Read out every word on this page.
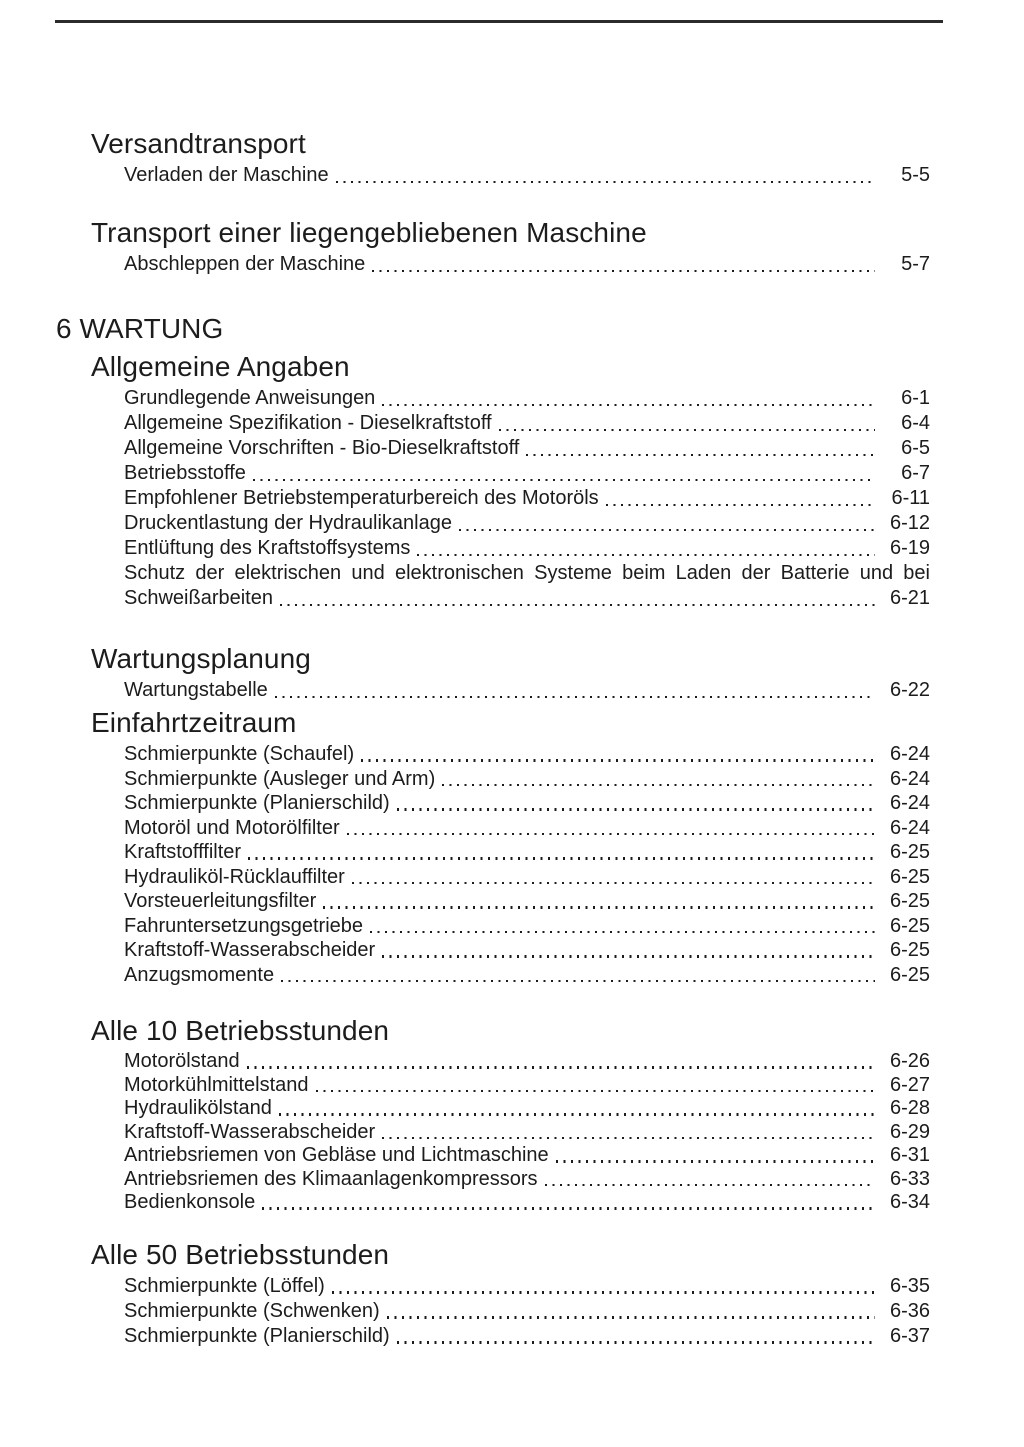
Versandtransport
Verladen der Maschine	5-5
Transport einer liegengebliebenen Maschine
Abschleppen der Maschine	5-7
6 WARTUNG
Allgemeine Angaben
Grundlegende Anweisungen	6-1
Allgemeine Spezifikation - Dieselkraftstoff	6-4
Allgemeine Vorschriften - Bio-Dieselkraftstoff	6-5
Betriebsstoffe	6-7
Empfohlener Betriebstemperaturbereich des Motoröls	6-11
Druckentlastung der Hydraulikanlage	6-12
Entlüftung des Kraftstoffsystems	6-19
Schutz der elektrischen und elektronischen Systeme beim Laden der Batterie und bei
Schweißarbeiten	6-21
Wartungsplanung
Wartungstabelle	6-22
Einfahrtzeitraum
Schmierpunkte (Schaufel)	6-24
Schmierpunkte (Ausleger und Arm)	6-24
Schmierpunkte (Planierschild)	6-24
Motoröl und Motorölfilter	6-24
Kraftstofffilter	6-25
Hydrauliköl-Rücklauffilter	6-25
Vorsteuerleitungsfilter	6-25
Fahruntersetzungsgetriebe	6-25
Kraftstoff-Wasserabscheider	6-25
Anzugsmomente	6-25
Alle 10 Betriebsstunden
Motorölstand	6-26
Motorkühlmittelstand	6-27
Hydraulikölstand	6-28
Kraftstoff-Wasserabscheider	6-29
Antriebsriemen von Gebläse und Lichtmaschine	6-31
Antriebsriemen des Klimaanlagenkompressors	6-33
Bedienkonsole	6-34
Alle 50 Betriebsstunden
Schmierpunkte (Löffel)	6-35
Schmierpunkte (Schwenken)	6-36
Schmierpunkte (Planierschild)	6-37
